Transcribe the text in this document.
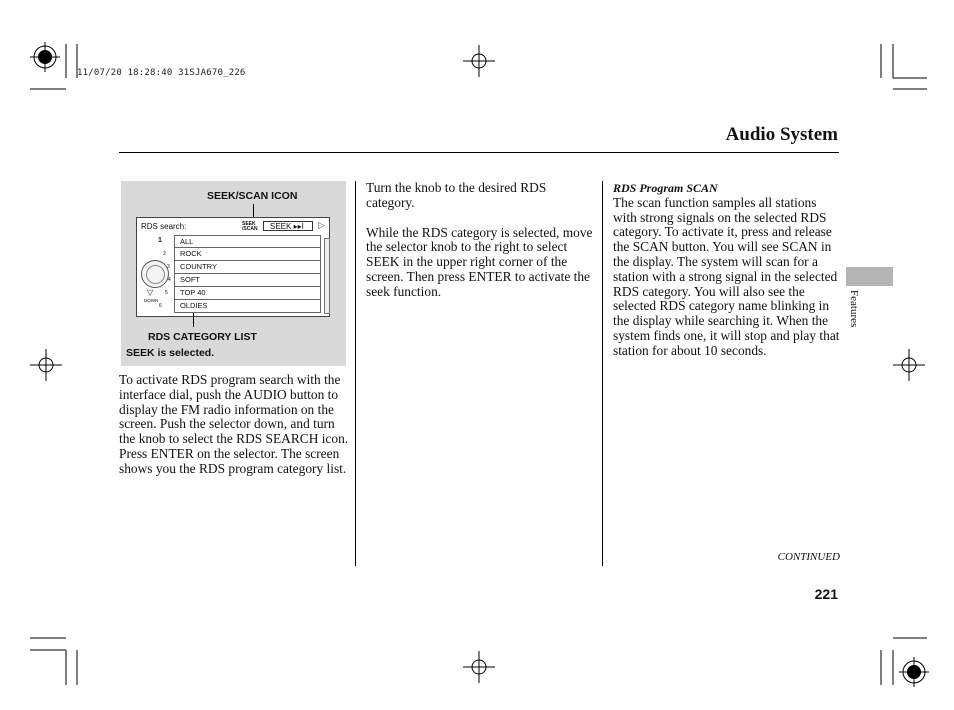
11/07/20 18:28:40 31SJA670_226
Audio System
SEEK/SCAN ICON
RDS search:	SEEK
/SCAN	SEEK ▸▸I	▷
▽
DOWN
1
2
3
4
5
6
ALL
ROCK
COUNTRY
SOFT
TOP 40
OLDIES
RDS CATEGORY LIST
SEEK is selected.

To activate RDS program search with the interface dial, push the AUDIO button to display the FM radio information on the screen. Push the selector down, and turn the knob to select the RDS SEARCH icon. Press ENTER on the selector. The screen shows you the RDS program category list.

Turn the knob to the desired RDS category.

While the RDS category is selected, move the selector knob to the right to select SEEK in the upper right corner of the screen. Then press ENTER to activate the seek function.

RDS Program SCAN

The scan function samples all stations with strong signals on the selected RDS category. To activate it, press and release the SCAN button. You will see SCAN in the display. The system will scan for a station with a strong signal in the selected RDS category. You will also see the selected RDS category name blinking in the display while searching it. When the system finds one, it will stop and play that station for about 10 seconds.

Features
CONTINUED
221
